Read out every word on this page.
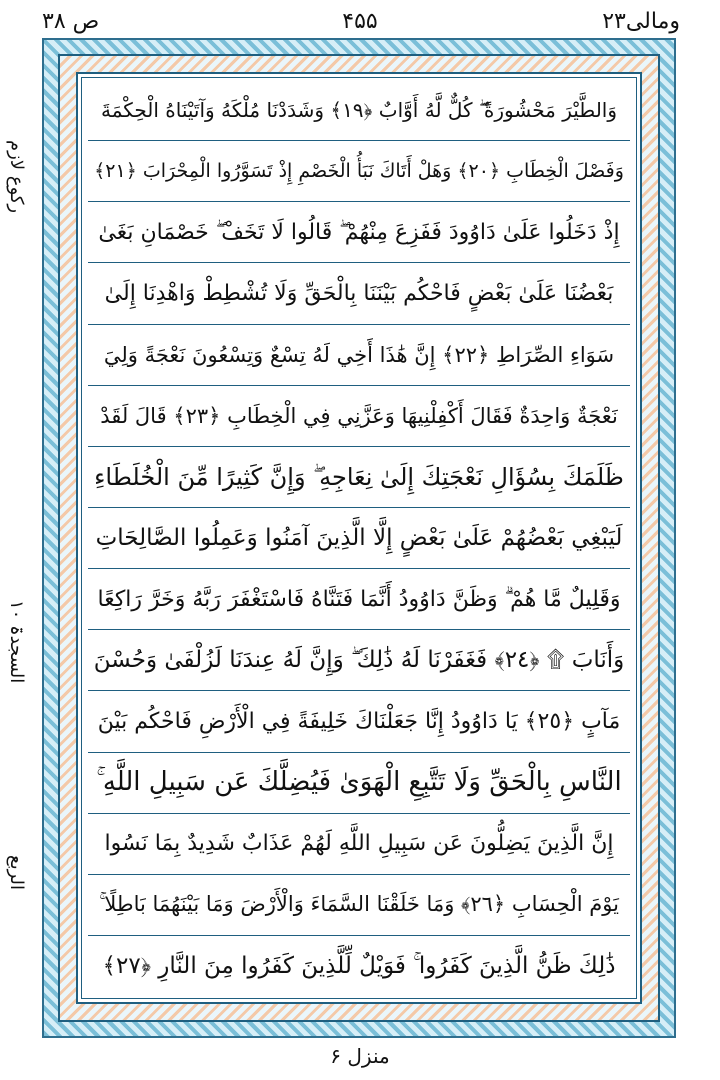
ص ۳۸	۴۵۵	ومالی۲۳
رکوع لازم
السجدۃ ۱۰
الربع
وَالطَّيْرَ مَحْشُورَةً ۖ كُلٌّ لَّهُ أَوَّابٌ ﴿١٩﴾ وَشَدَدْنَا مُلْكَهُ وَآتَيْنَاهُ الْحِكْمَةَ
وَفَصْلَ الْخِطَابِ ﴿٢٠﴾ وَهَلْ أَتَاكَ نَبَأُ الْخَصْمِ إِذْ تَسَوَّرُوا الْمِحْرَابَ ﴿٢١﴾
إِذْ دَخَلُوا عَلَىٰ دَاوُودَ فَفَزِعَ مِنْهُمْ ۖ قَالُوا لَا تَخَفْ ۖ خَصْمَانِ بَغَىٰ
بَعْضُنَا عَلَىٰ بَعْضٍ فَاحْكُم بَيْنَنَا بِالْحَقِّ وَلَا تُشْطِطْ وَاهْدِنَا إِلَىٰ
سَوَاءِ الصِّرَاطِ ﴿٢٢﴾ إِنَّ هَٰذَا أَخِي لَهُ تِسْعٌ وَتِسْعُونَ نَعْجَةً وَلِيَ
نَعْجَةٌ وَاحِدَةٌ فَقَالَ أَكْفِلْنِيهَا وَعَزَّنِي فِي الْخِطَابِ ﴿٢٣﴾ قَالَ لَقَدْ
ظَلَمَكَ بِسُؤَالِ نَعْجَتِكَ إِلَىٰ نِعَاجِهِ ۖ وَإِنَّ كَثِيرًا مِّنَ الْخُلَطَاءِ
لَيَبْغِي بَعْضُهُمْ عَلَىٰ بَعْضٍ إِلَّا الَّذِينَ آمَنُوا وَعَمِلُوا الصَّالِحَاتِ
وَقَلِيلٌ مَّا هُمْ ۗ وَظَنَّ دَاوُودُ أَنَّمَا فَتَنَّاهُ فَاسْتَغْفَرَ رَبَّهُ وَخَرَّ رَاكِعًا
وَأَنَابَ ۩ ﴿٢٤﴾ فَغَفَرْنَا لَهُ ذَٰلِكَ ۖ وَإِنَّ لَهُ عِندَنَا لَزُلْفَىٰ وَحُسْنَ
مَآبٍ ﴿٢٥﴾ يَا دَاوُودُ إِنَّا جَعَلْنَاكَ خَلِيفَةً فِي الْأَرْضِ فَاحْكُم بَيْنَ
النَّاسِ بِالْحَقِّ وَلَا تَتَّبِعِ الْهَوَىٰ فَيُضِلَّكَ عَن سَبِيلِ اللَّهِ ۚ
إِنَّ الَّذِينَ يَضِلُّونَ عَن سَبِيلِ اللَّهِ لَهُمْ عَذَابٌ شَدِيدٌ بِمَا نَسُوا
يَوْمَ الْحِسَابِ ﴿٢٦﴾ وَمَا خَلَقْنَا السَّمَاءَ وَالْأَرْضَ وَمَا بَيْنَهُمَا بَاطِلًا ۚ
ذَٰلِكَ ظَنُّ الَّذِينَ كَفَرُوا ۚ فَوَيْلٌ لِّلَّذِينَ كَفَرُوا مِنَ النَّارِ ﴿٢٧﴾
منزل ۶
